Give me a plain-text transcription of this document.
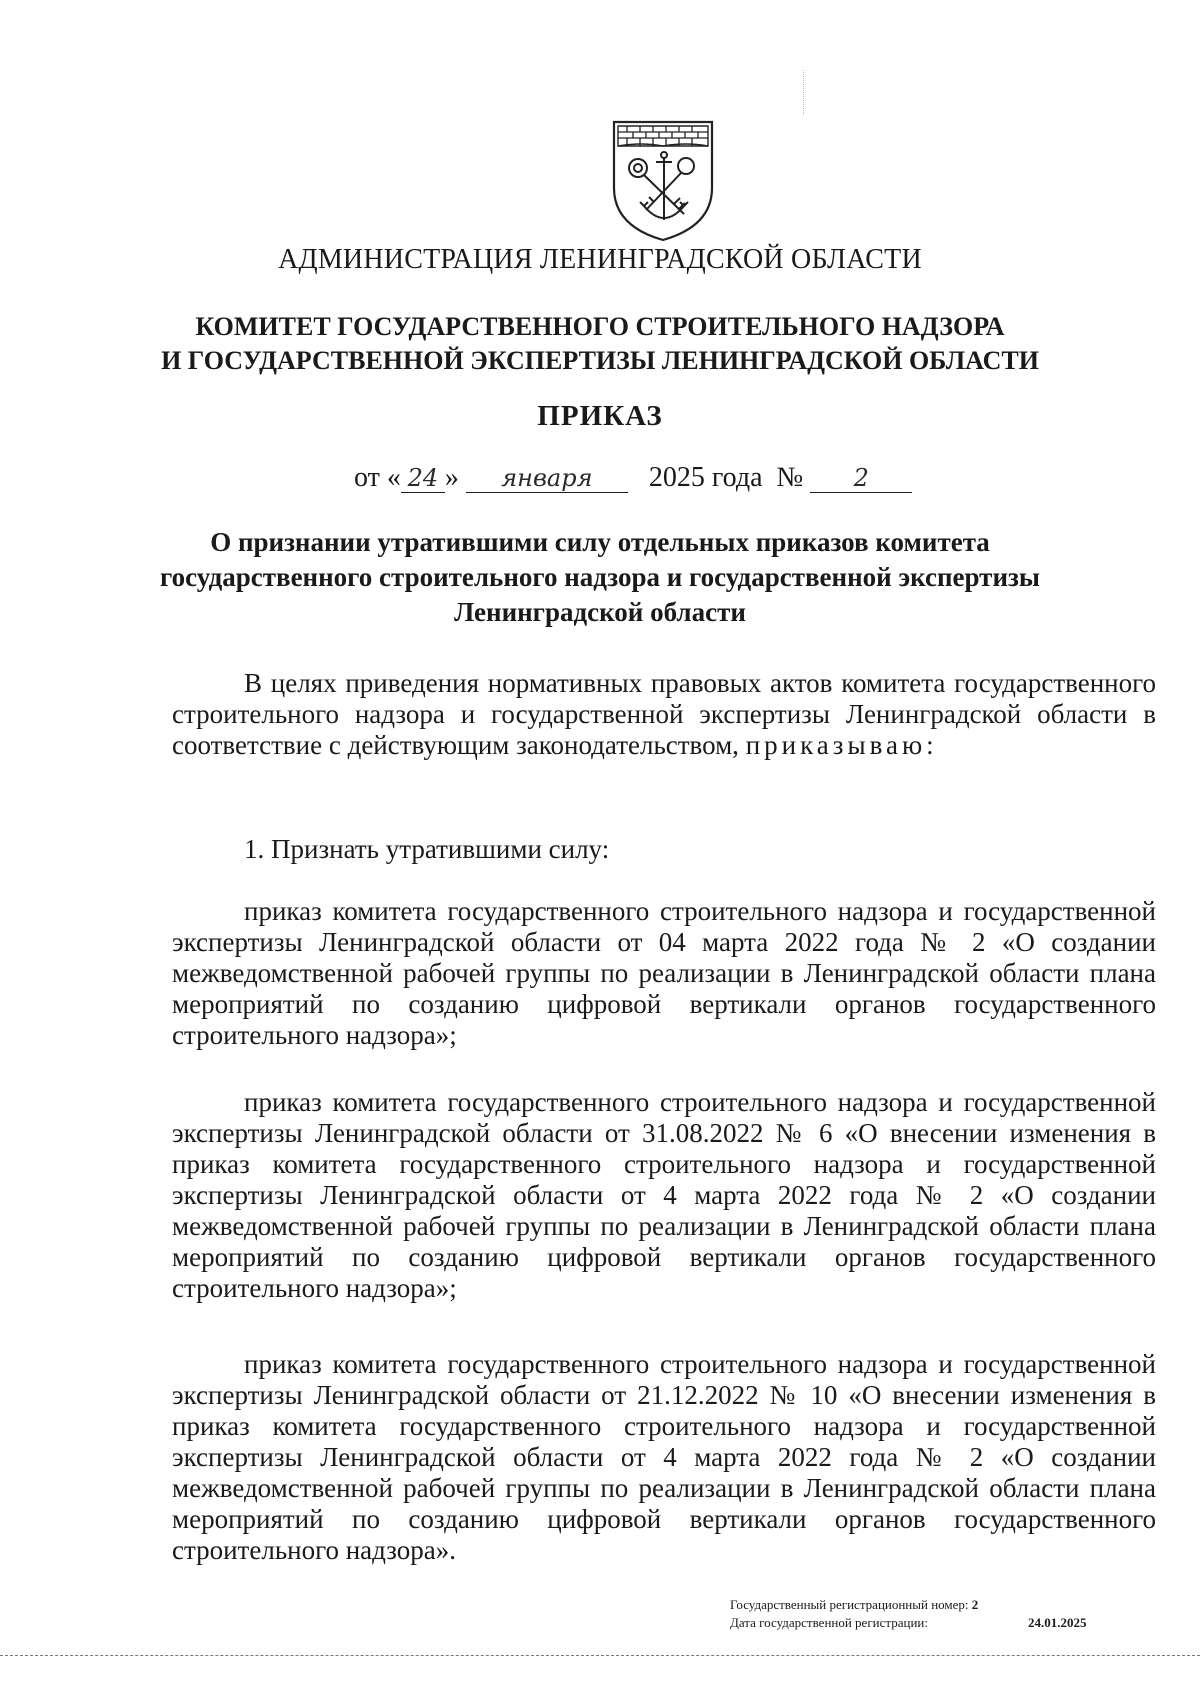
АДМИНИСТРАЦИЯ ЛЕНИНГРАДСКОЙ ОБЛАСТИ
КОМИТЕТ ГОСУДАРСТВЕННОГО СТРОИТЕЛЬНОГО НАДЗОРА
И ГОСУДАРСТВЕННОЙ ЭКСПЕРТИЗЫ ЛЕНИНГРАДСКОЙ ОБЛАСТИ
ПРИКАЗ
от « 24 » января 2025 года № 2
О признании утратившими силу отдельных приказов комитета
государственного строительного надзора и государственной экспертизы
Ленинградской области
В целях приведения нормативных правовых актов комитета государственного строительного надзора и государственной экспертизы Ленинградской области в соответствие с действующим законодательством, приказываю:
1. Признать утратившими силу:
приказ комитета государственного строительного надзора и государственной экспертизы Ленинградской области от 04 марта 2022 года № 2 «О создании межведомственной рабочей группы по реализации в Ленинградской области плана мероприятий по созданию цифровой вертикали органов государственного строительного надзора»;
приказ комитета государственного строительного надзора и государственной экспертизы Ленинградской области от 31.08.2022 № 6 «О внесении изменения в приказ комитета государственного строительного надзора и государственной экспертизы Ленинградской области от 4 марта 2022 года № 2 «О создании межведомственной рабочей группы по реализации в Ленинградской области плана мероприятий по созданию цифровой вертикали органов государственного строительного надзора»;
приказ комитета государственного строительного надзора и государственной экспертизы Ленинградской области от 21.12.2022 № 10 «О внесении изменения в приказ комитета государственного строительного надзора и государственной экспертизы Ленинградской области от 4 марта 2022 года № 2 «О создании межведомственной рабочей группы по реализации в Ленинградской области плана мероприятий по созданию цифровой вертикали органов государственного строительного надзора».
Государственный регистрационный номер: 2
Дата государственной регистрации:	24.01.2025
